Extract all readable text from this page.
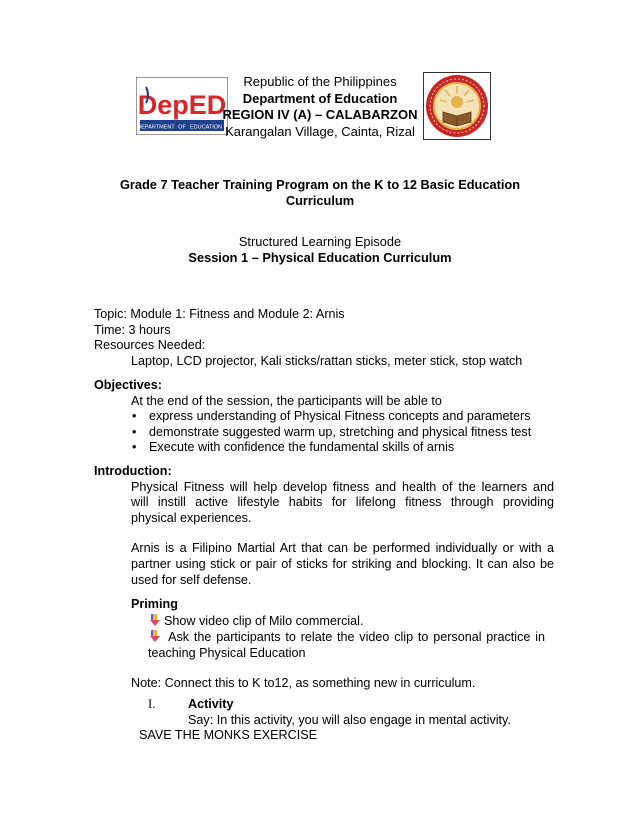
DepED
DEPARTMENT OF EDUCATION
Republic of the Philippines
Department of Education
REGION IV (A) – CALABARZON
Karangalan Village, Cainta, Rizal
Grade 7 Teacher Training Program on the K to 12 Basic Education
Curriculum
Structured Learning Episode
Session 1 – Physical Education Curriculum
Topic: Module 1: Fitness and Module 2: Arnis
Time: 3 hours
Resources Needed:
Laptop, LCD projector, Kali sticks/rattan sticks, meter stick, stop watch
Objectives:
At the end of the session, the participants will be able to
• express understanding of Physical Fitness concepts and parameters
• demonstrate suggested warm up, stretching and physical fitness test
• Execute with confidence the fundamental skills of arnis
Introduction:
Physical Fitness will help develop fitness and health of the learners and
will instill active lifestyle habits for lifelong fitness through providing
physical experiences.
Arnis is a Filipino Martial Art that can be performed individually or with a
partner using stick or pair of sticks for striking and blocking. It can also be
used for self defense.
Priming
Show video clip of Milo commercial.
Ask the participants to relate the video clip to personal practice in
teaching Physical Education
Note: Connect this to K to12, as something new in curriculum.
I.	Activity
Say: In this activity, you will also engage in mental activity.
SAVE THE MONKS EXERCISE
